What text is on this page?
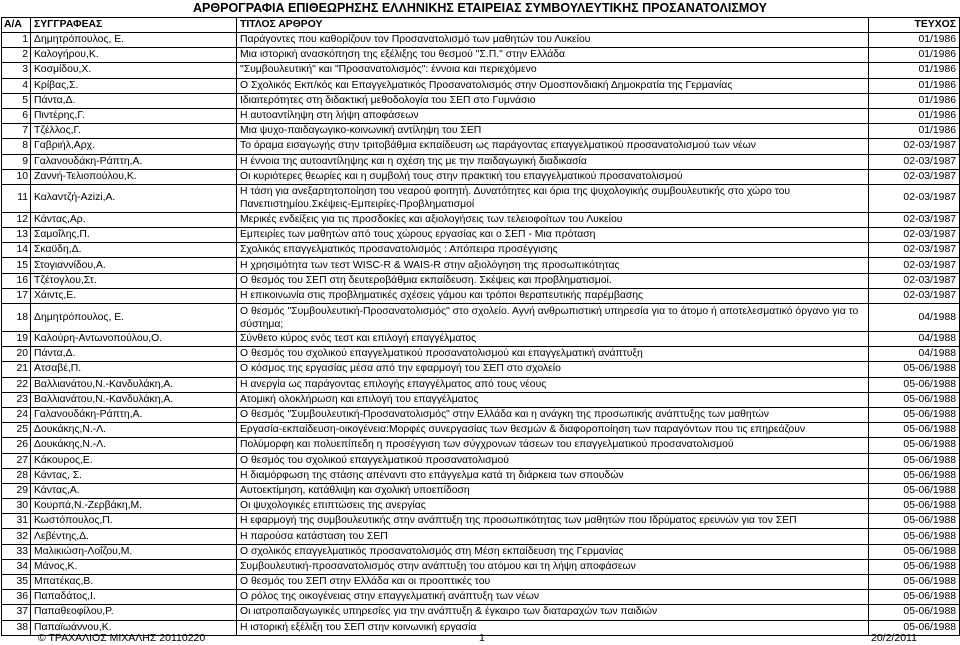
ΑΡΘΡΟΓΡΑΦΙΑ ΕΠΙΘΕΩΡΗΣΗΣ ΕΛΛΗΝΙΚΗΣ ΕΤΑΙΡΕΙΑΣ ΣΥΜΒΟΥΛΕΥΤΙΚΗΣ ΠΡΟΣΑΝΑΤΟΛΙΣΜΟΥ
Α/Α	ΣΥΓΓΡΑΦΕΑΣ	ΤΙΤΛΟΣ ΑΡΘΡΟΥ	ΤΕΥΧΟΣ
1	Δημητρόπουλος, Ε.	Παράγοντες που καθορίζουν τον Προσανατολισμό των μαθητών του Λυκείου	01/1986
2	Καλογήρου,Κ.	Μια ιστορική ανασκόπηση της εξέλιξης του θεσμού "Σ.Π." στην Ελλάδα	01/1986
3	Κοσμίδου,Χ.	"Συμβουλευτική" και "Προσανατολισμός": έννοια και περιεχόμενο	01/1986
4	Κρίβας,Σ.	Ο Σχολικός Εκπ/κός και Επαγγελματικός Προσανατολισμός στην Ομοσπονδιακή Δημοκρατία της Γερμανίας	01/1986
5	Πάντα,Δ.	Ιδιαιτερότητες στη διδακτική μεθοδολογία του ΣΕΠ στο Γυμνάσιο	01/1986
6	Πιντέρης,Γ.	Η αυτοαντίληψη στη λήψη αποφάσεων	01/1986
7	Τζέλλος,Γ.	Μια ψυχο-παιδαγωγικο-κοινωνική αντίληψη του ΣΕΠ	01/1986
8	Γαβριήλ,Αρχ.	Το όραμα εισαγωγής στην τριτοβάθμια εκπαίδευση ως παράγοντας επαγγελματικού προσανατολισμού των νέων	02-03/1987
9	Γαλανουδάκη-Ράπτη,Α.	Η έννοια της αυτοαντίληψης και η σχέση της με την παιδαγωγική διαδικασία	02-03/1987
10	Ζαννή-Τελιοπούλου,Κ.	Οι κυριότερες θεωρίες και η συμβολή τους στην πρακτική του επαγγελματικού προσανατολισμού	02-03/1987
11	Καλαντζή-Azizi,Α.	Η τάση για ανεξαρτητοποίηση του νεαρού φοιτητή. Δυνατότητες και όρια της ψυχολογικής συμβουλευτικής στο χώρο του Πανεπιστημίου.Σκέψεις-Εμπειρίες-Προβληματισμοί	02-03/1987
12	Κάντας,Αρ.	Μερικές ενδείξεις για τις προσδοκίες και αξιολογήσεις των τελειοφοίτων του Λυκείου	02-03/1987
13	Σαμοΐλης,Π.	Εμπειρίες των μαθητών από τους χώρους εργασίας και ο ΣΕΠ - Μια πρόταση	02-03/1987
14	Σκαϋδη,Δ.	Σχολικός επαγγελματικός προσανατολισμός : Απόπειρα προσέγγισης	02-03/1987
15	Στογιαννίδου,Α.	Η χρησιμότητα των τεστ WISC-R & WAIS-R στην αξιολόγηση της προσωπικότητας	02-03/1987
16	Τζέτογλου,Στ.	Ο θεσμός του ΣΕΠ στη δευτεροβάθμια εκπαίδευση. Σκέψεις και προβληματισμοί.	02-03/1987
17	Χάιντς,Ε.	Η επικοινωνία στις προβληματικές σχέσεις γάμου και τρόποι θεραπευτικής παρέμβασης	02-03/1987
18	Δημητρόπουλος, Ε.	Ο θεσμός "Συμβουλευτική-Προσανατολισμός" στο σχολείο. Αγνή ανθρωπιστική υπηρεσία για το άτομο ή αποτελεσματικό όργανο για το σύστημα;	04/1988
19	Καλούρη-Αντωνοπούλου,Ο.	Σύνθετο κύρος ενός τεστ και επιλογή επαγγέλματος	04/1988
20	Πάντα,Δ.	Ο θεσμός του σχολικού επαγγελματικού προσανατολισμού και επαγγελματική ανάπτυξη	04/1988
21	Ατσαβέ,Π.	Ο κόσμος της εργασίας μέσα από την εφαρμογή του ΣΕΠ στο σχολείο	05-06/1988
22	Βαλλιανάτου,Ν.-Κανδυλάκη,Α.	Η ανεργία ως παράγοντας επιλογής επαγγέλματος από τους νέους	05-06/1988
23	Βαλλιανάτου,Ν.-Κανδυλάκη,Α.	Ατομική ολοκλήρωση και επιλογή του επαγγέλματος	05-06/1988
24	Γαλανουδάκη-Ράπτη,Α.	Ο θεσμός "Συμβουλευτική-Προσανατολισμός" στην Ελλάδα και η ανάγκη της προσωπικής ανάπτυξης των μαθητών	05-06/1988
25	Δουκάκης,Ν.-Λ.	Εργασία-εκπαίδευση-οικογένεια:Μορφές συνεργασίας των θεσμών & διαφοροποίηση των παραγόντων που τις επηρεάζουν	05-06/1988
26	Δουκάκης,Ν.-Λ.	Πολύμορφη και πολυεπίπεδη η προσέγγιση των σύγχρονων τάσεων του επαγγελματικού προσανατολισμού	05-06/1988
27	Κάκουρος,Ε.	Ο θεσμός του σχολικού επαγγελματικού προσανατολισμού	05-06/1988
28	Κάντας, Σ.	Η διαμόρφωση της στάσης απέναντι στο επάγγελμα κατά τη διάρκεια των σπουδών	05-06/1988
29	Κάντας,Α.	Αυτοεκτίμηση, κατάθλιψη και σχολική υποεπίδοση	05-06/1988
30	Κουρπά,Ν.-Ζερβάκη,Μ.	Οι ψυχολογικές επιπτώσεις της ανεργίας	05-06/1988
31	Κωστόπουλος,Π.	Η εφαρμογή της συμβουλευτικής στην ανάπτυξη της προσωπικότητας των μαθητών που Ιδρύματος ερευνών για τον ΣΕΠ	05-06/1988
32	Λεβέντης,Δ.	Η παρούσα κατάσταση του ΣΕΠ	05-06/1988
33	Μαλικιώση-Λοΐζου,Μ.	Ο σχολικός επαγγελματικός προσανατολισμός στη Μέση εκπαίδευση της Γερμανίας	05-06/1988
34	Μάνος,Κ.	Συμβουλευτική-προσανατολισμός στην ανάπτυξη του ατόμου και τη λήψη αποφάσεων	05-06/1988
35	Μπατέκας,Β.	Ο θεσμός του ΣΕΠ στην Ελλάδα και οι προοπτικές του	05-06/1988
36	Παπαδάτος,Ι.	Ο ρόλος της οικογένειας στην επαγγελματική ανάπτυξη των νέων	05-06/1988
37	Παπαθεοφίλου,Ρ.	Οι ιατροπαιδαγωγικές υπηρεσίες για την ανάπτυξη & έγκαιρο των διαταραχών των παιδιών	05-06/1988
38	Παπαϊωάννου,Κ.	Η ιστορική εξέλιξη του ΣΕΠ στην κοινωνική εργασία	05-06/1988
© ΤΡΑΧΑΛΙΟΣ ΜΙΧΑΛΗΣ 20110220	1	20/2/2011
